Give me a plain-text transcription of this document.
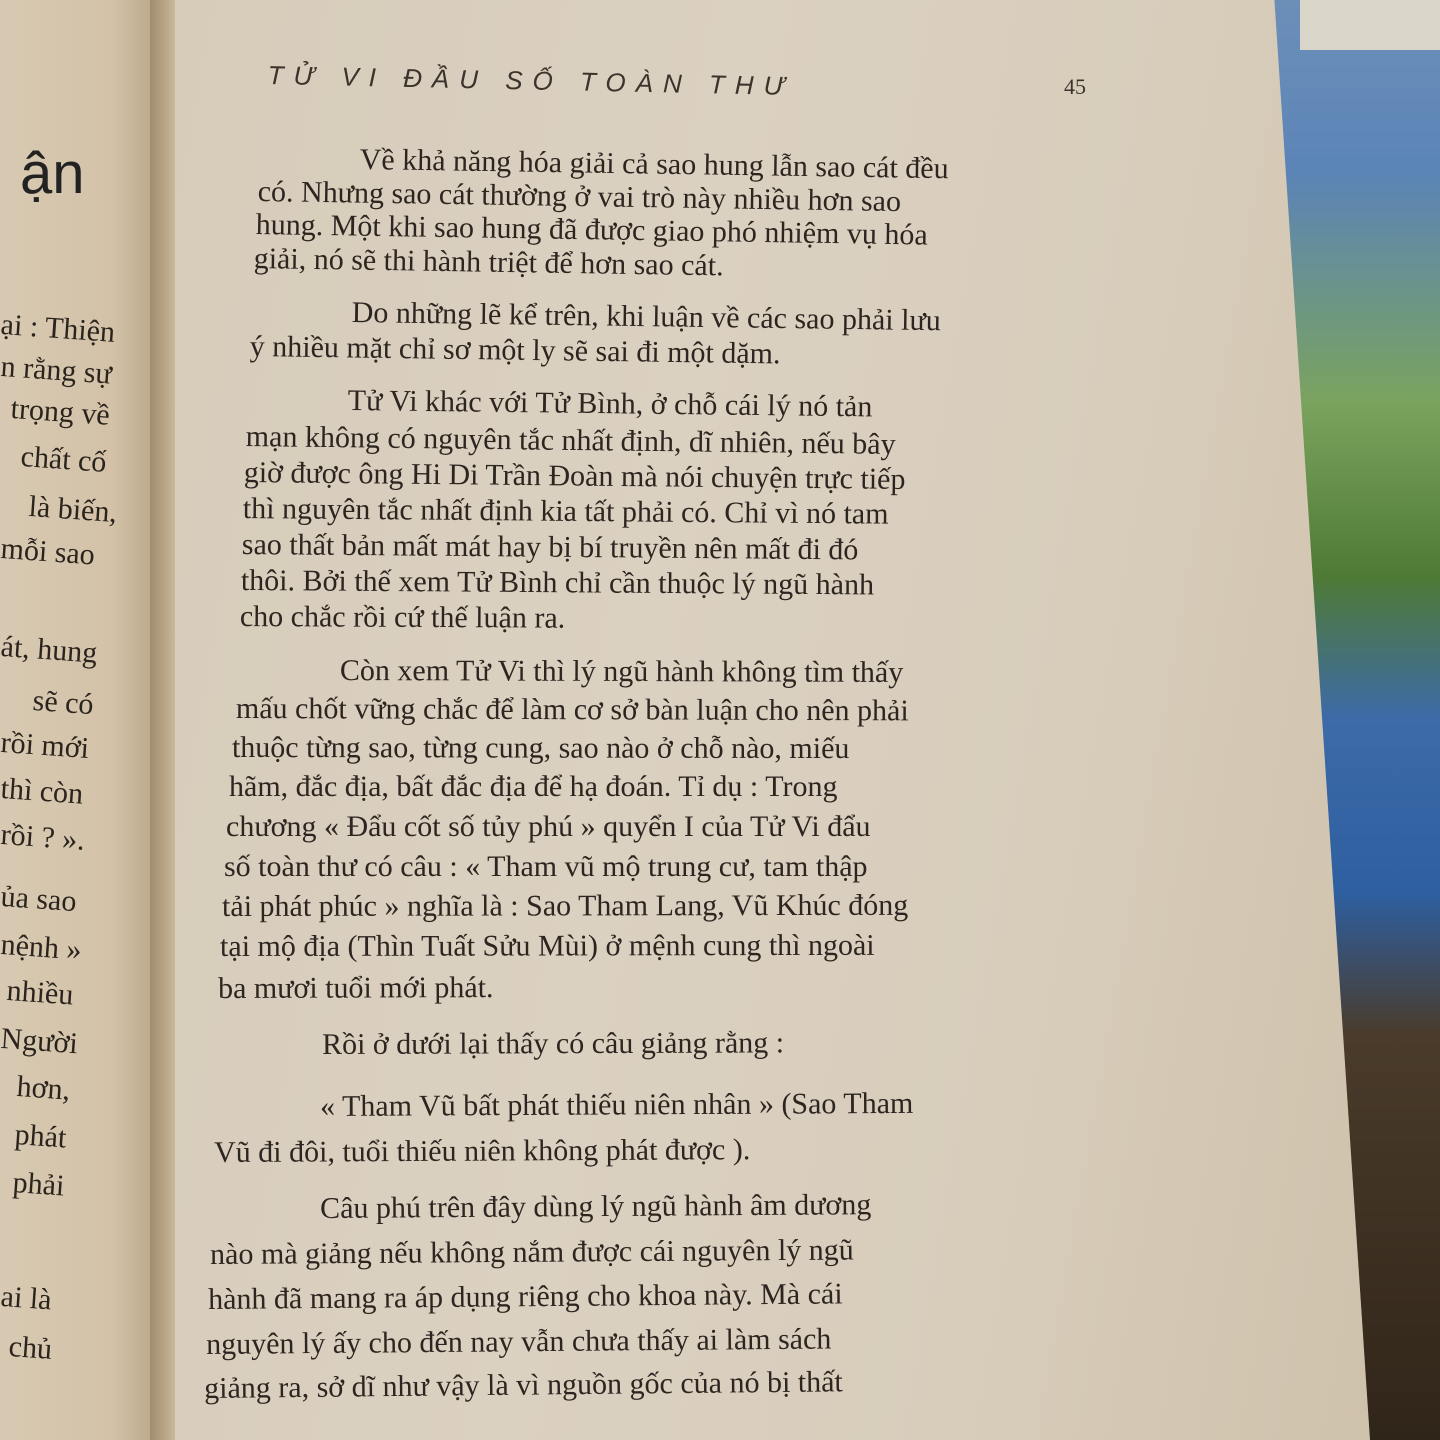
ận
ại : Thiện
n rằng sự
trọng về
chất cố
là biến,
mỗi sao
át, hung
sẽ có
rồi mới
thì còn
rồi ? ».
ủa sao
nệnh »
nhiều
Người
hơn,
phát
phải
ai là
chủ
TỬ VI ĐẦU SỐ TOÀN THƯ	45
Về khả năng hóa giải cả sao hung lẫn sao cát đều
có. Nhưng sao cát thường ở vai trò này nhiều hơn sao
hung. Một khi sao hung đã được giao phó nhiệm vụ hóa
giải, nó sẽ thi hành triệt để hơn sao cát.
Do những lẽ kể trên, khi luận về các sao phải lưu
ý nhiều mặt chỉ sơ một ly sẽ sai đi một dặm.
Tử Vi khác với Tử Bình, ở chỗ cái lý nó tản
mạn không có nguyên tắc nhất định, dĩ nhiên, nếu bây
giờ được ông Hi Di Trần Đoàn mà nói chuyện trực tiếp
thì nguyên tắc nhất định kia tất phải có. Chỉ vì nó tam
sao thất bản mất mát hay bị bí truyền nên mất đi đó
thôi. Bởi thế xem Tử Bình chỉ cần thuộc lý ngũ hành
cho chắc rồi cứ thế luận ra.
Còn xem Tử Vi thì lý ngũ hành không tìm thấy
mấu chốt vững chắc để làm cơ sở bàn luận cho nên phải
thuộc từng sao, từng cung, sao nào ở chỗ nào, miếu
hãm, đắc địa, bất đắc địa để hạ đoán. Tỉ dụ : Trong
chương « Đẩu cốt số tủy phú » quyển I của Tử Vi đẩu
số toàn thư có câu : « Tham vũ mộ trung cư, tam thập
tải phát phúc » nghĩa là : Sao Tham Lang, Vũ Khúc đóng
tại mộ địa (Thìn Tuất Sửu Mùi) ở mệnh cung thì ngoài
ba mươi tuổi mới phát.
Rồi ở dưới lại thấy có câu giảng rằng :
« Tham Vũ bất phát thiếu niên nhân » (Sao Tham
Vũ đi đôi, tuổi thiếu niên không phát được ).
Câu phú trên đây dùng lý ngũ hành âm dương
nào mà giảng nếu không nắm được cái nguyên lý ngũ
hành đã mang ra áp dụng riêng cho khoa này. Mà cái
nguyên lý ấy cho đến nay vẫn chưa thấy ai làm sách
giảng ra, sở dĩ như vậy là vì nguồn gốc của nó bị thất
